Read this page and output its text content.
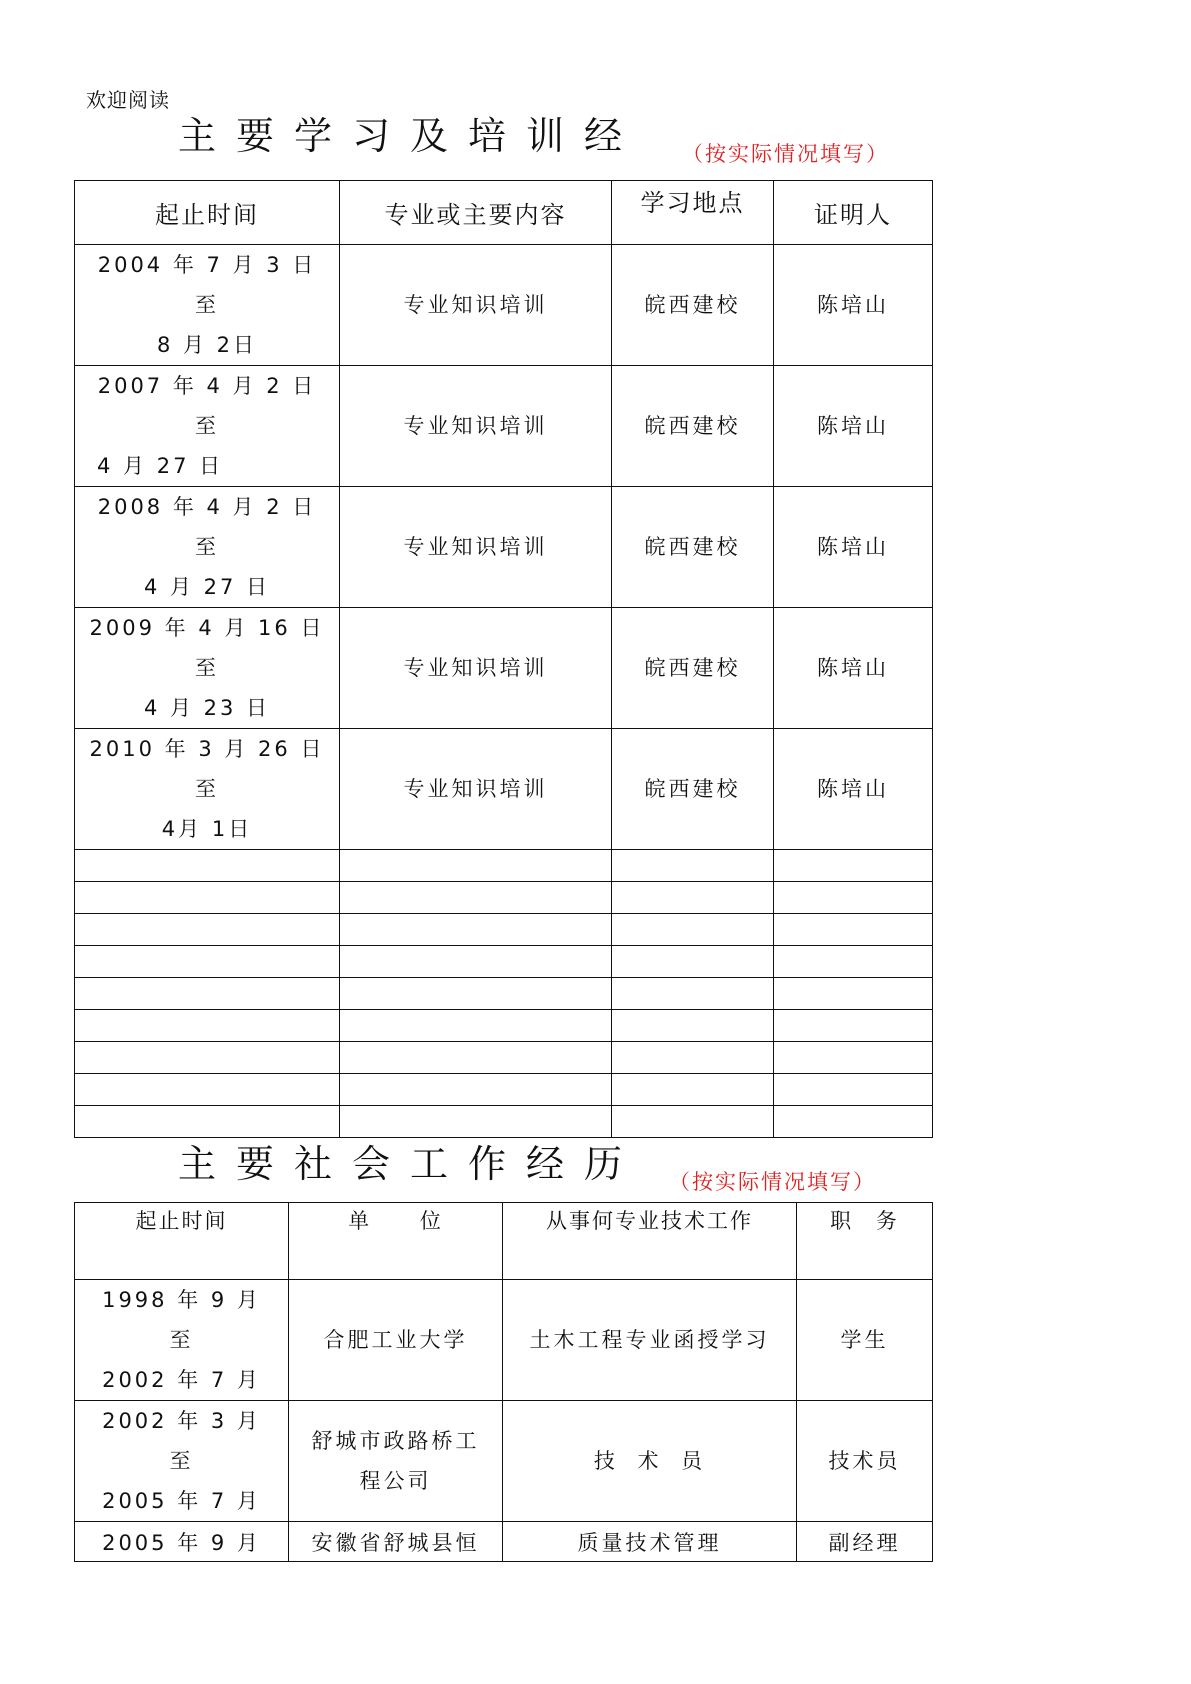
欢迎阅读
主要学习及培训经 （按实际情况填写）
起止时间	专业或主要内容	学习地点	证明人

2004 年 7 月 3 日
至
8 月 2日	专业知识培训	皖西建校	陈培山

2007 年 4 月 2 日
至
4 月 27 日	专业知识培训	皖西建校	陈培山

2008 年 4 月 2 日
至
4 月 27 日	专业知识培训	皖西建校	陈培山

2009 年 4 月 16 日
至
4 月 23 日	专业知识培训	皖西建校	陈培山

2010 年 3 月 26 日
至
4月 1日	专业知识培训	皖西建校	陈培山

主要社会工作经历 （按实际情况填写）
起止时间	单 位	从事何专业技术工作	职 务

1998 年 9 月
至
2002 年 7 月	合肥工业大学	土木工程专业函授学习	学生

2002 年 3 月
至
2005 年 7 月	舒城市政路桥工程公司	技 术 员	技术员
2005 年 9 月	安徽省舒城县恒	质量技术管理	副经理
